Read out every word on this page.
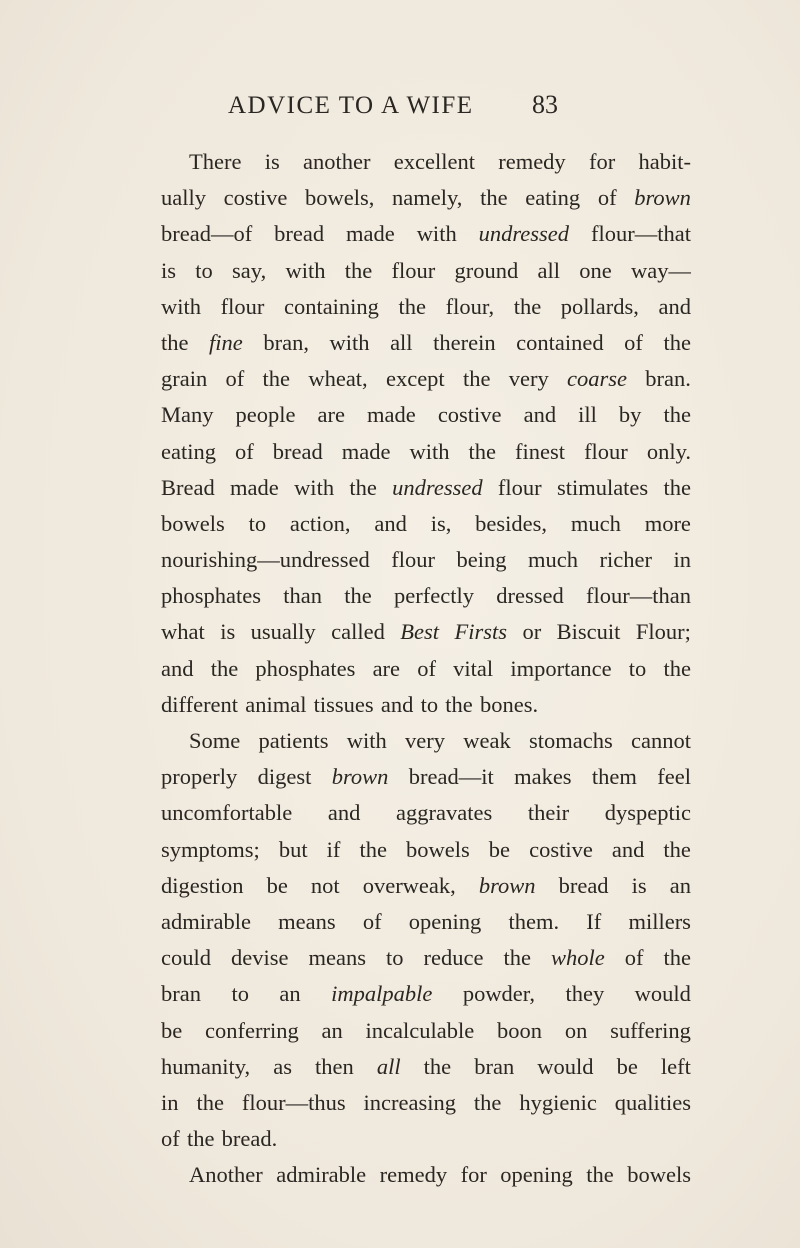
ADVICE TO A WIFE	83
There is another excellent remedy for habit-
ually costive bowels, namely, the eating of brown
bread—of bread made with undressed flour—that
is to say, with the flour ground all one way—
with flour containing the flour, the pollards, and
the fine bran, with all therein contained of the
grain of the wheat, except the very coarse bran.
Many people are made costive and ill by the
eating of bread made with the finest flour only.
Bread made with the undressed flour stimulates the
bowels to action, and is, besides, much more
nourishing—undressed flour being much richer in
phosphates than the perfectly dressed flour—than
what is usually called Best Firsts or Biscuit Flour;
and the phosphates are of vital importance to the
different animal tissues and to the bones.
Some patients with very weak stomachs cannot
properly digest brown bread—it makes them feel
uncomfortable and aggravates their dyspeptic
symptoms; but if the bowels be costive and the
digestion be not overweak, brown bread is an
admirable means of opening them. If millers
could devise means to reduce the whole of the
bran to an impalpable powder, they would
be conferring an incalculable boon on suffering
humanity, as then all the bran would be left
in the flour—thus increasing the hygienic qualities
of the bread.
Another admirable remedy for opening the bowels
